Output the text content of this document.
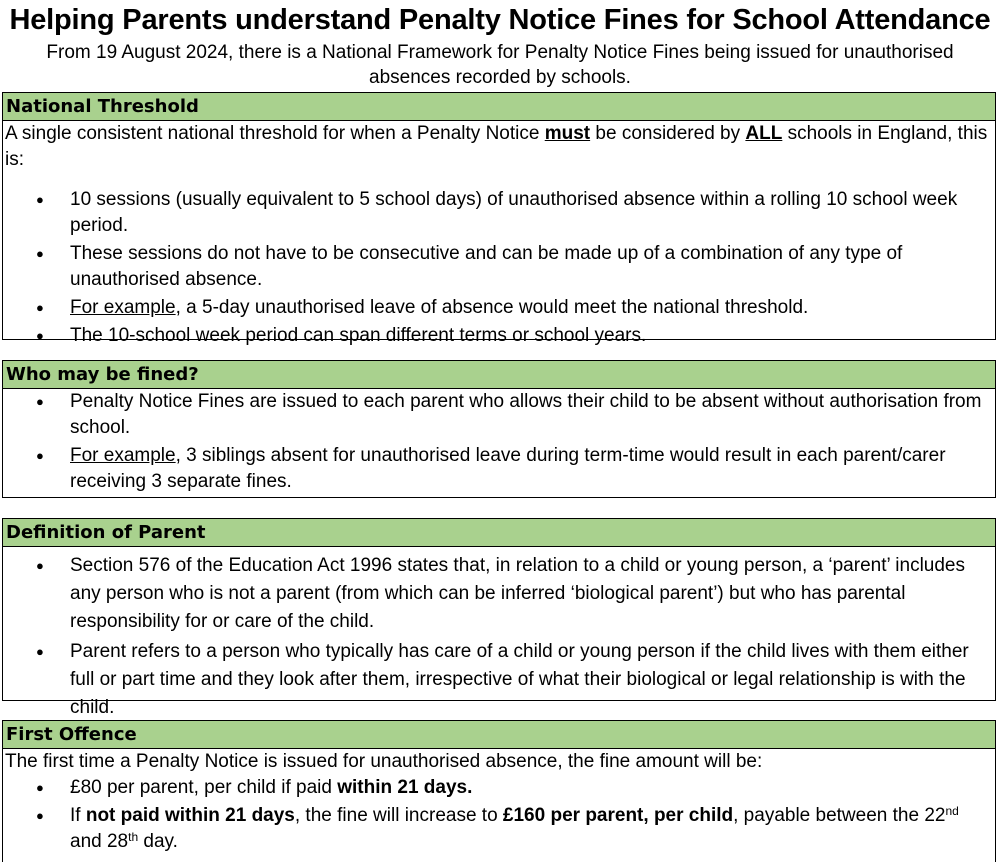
Helping Parents understand Penalty Notice Fines for School Attendance
From 19 August 2024, there is a National Framework for Penalty Notice Fines being issued for unauthorised absences recorded by schools.
National Threshold
A single consistent national threshold for when a Penalty Notice must be considered by ALL schools in England, this is:
● 10 sessions (usually equivalent to 5 school days) of unauthorised absence within a rolling 10 school week period.
● These sessions do not have to be consecutive and can be made up of a combination of any type of unauthorised absence.
● For example, a 5-day unauthorised leave of absence would meet the national threshold.
● The 10-school week period can span different terms or school years.
Who may be fined?
● Penalty Notice Fines are issued to each parent who allows their child to be absent without authorisation from school.
● For example, 3 siblings absent for unauthorised leave during term-time would result in each parent/carer receiving 3 separate fines.
Definition of Parent
● Section 576 of the Education Act 1996 states that, in relation to a child or young person, a ‘parent’ includes any person who is not a parent (from which can be inferred ‘biological parent’) but who has parental responsibility for or care of the child.
● Parent refers to a person who typically has care of a child or young person if the child lives with them either full or part time and they look after them, irrespective of what their biological or legal relationship is with the child.
First Offence
The first time a Penalty Notice is issued for unauthorised absence, the fine amount will be:
● £80 per parent, per child if paid within 21 days.
● If not paid within 21 days, the fine will increase to £160 per parent, per child, payable between the 22nd and 28th day.
